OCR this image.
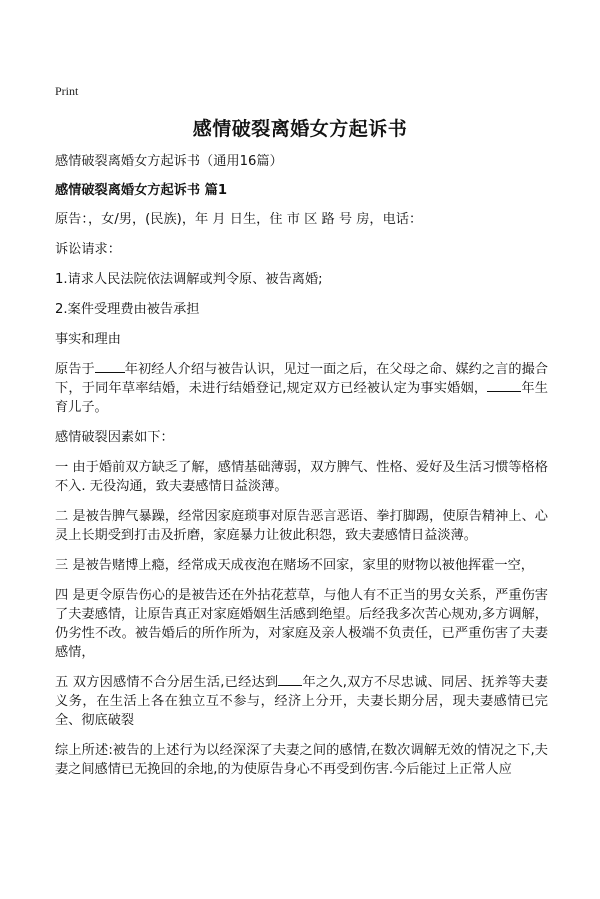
Print
感情破裂离婚女方起诉书

感情破裂离婚女方起诉书（通用16篇）

感情破裂离婚女方起诉书 篇1

原告：，女/男，(民族)，年 月 日生，住 市 区 路 号 房，电话：

诉讼请求：

1.请求人民法院依法调解或判令原、被告离婚;

2.案件受理费由被告承担

事实和理由

原告于 年初经人介绍与被告认识，见过一面之后，在父母之命、媒约之言的撮合下，于同年草率结婚，未进行结婚登记,规定双方已经被认定为事实婚姻，	年生育儿子。

感情破裂因素如下：

一 由于婚前双方缺乏了解，感情基础薄弱，双方脾气、性格、爱好及生活习惯等格格不入. 无役沟通，致夫妻感情日益淡薄。

二 是被告脾气暴躁，经常因家庭琐事对原告恶言恶语、拳打脚踢，使原告精神上、心灵上长期受到打击及折磨，家庭暴力让彼此积怨，致夫妻感情日益淡薄。

三 是被告赌博上瘾，经常成天成夜泡在赌场不回家，家里的财物以被他挥霍一空，

四 是更令原告伤心的是被告还在外拈花惹草，与他人有不正当的男女关系，严重伤害了夫妻感情，让原告真正对家庭婚姻生活感到绝望。后经我多次苦心规劝,多方调解，仍劣性不改。被告婚后的所作所为，对家庭及亲人极端不负责任，已严重伤害了夫妻感情，

五 双方因感情不合分居生活,已经达到 年之久,双方不尽忠诚、同居、抚养等夫妻义务，在生活上各在独立互不参与，经济上分开，夫妻长期分居，现夫妻感情已完全、彻底破裂

综上所述:被告的上述行为以经深深了夫妻之间的感情,在数次调解无效的情况之下,夫妻之间感情已无挽回的余地,的为使原告身心不再受到伤害.今后能过上正常人应
